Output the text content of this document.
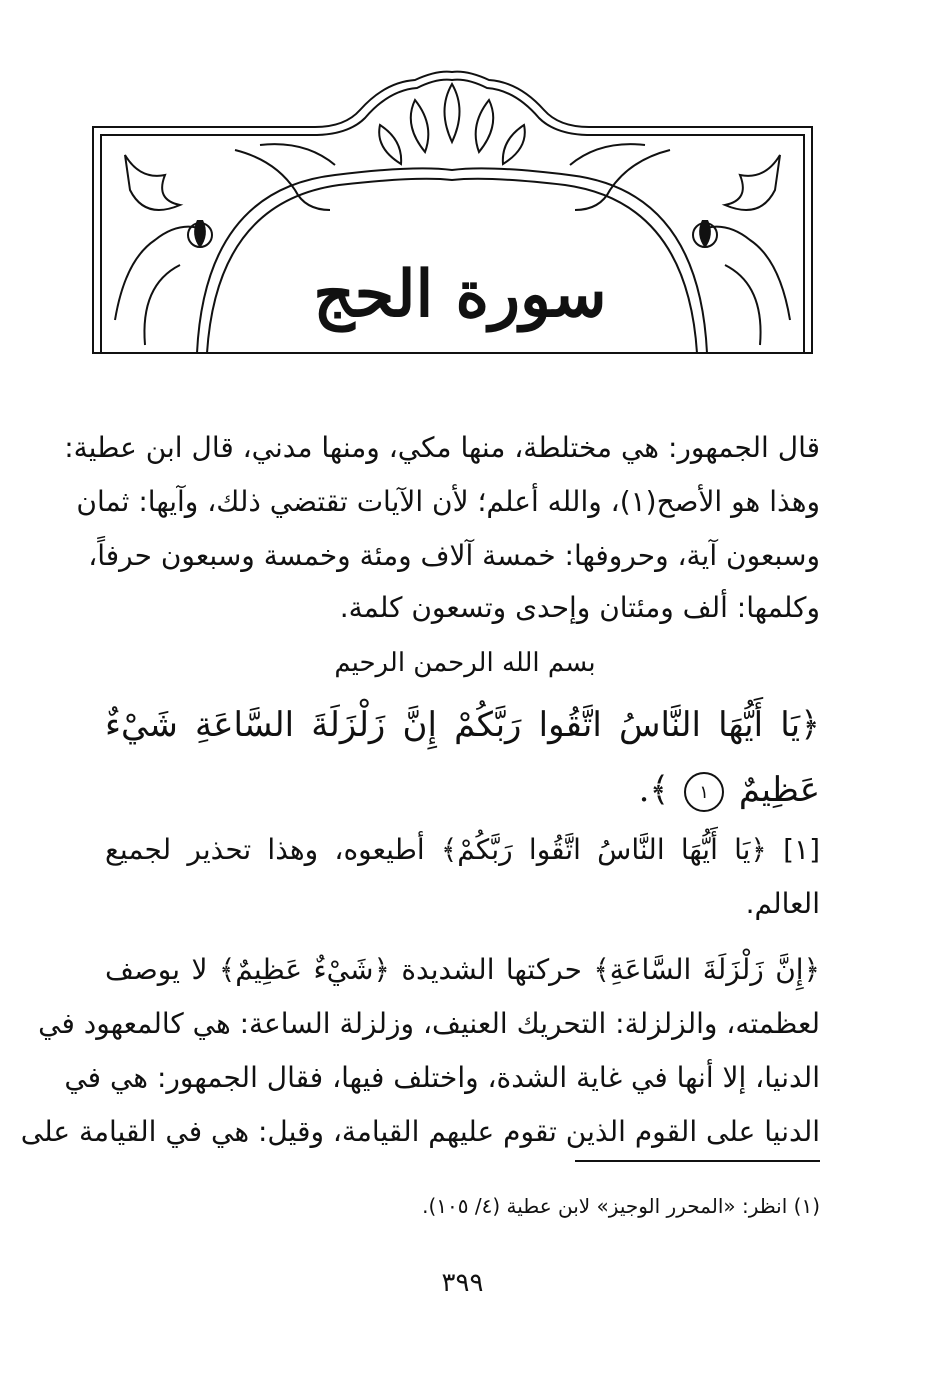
سورة الحج
قال الجمهور: هي مختلطة، منها مكي، ومنها مدني، قال ابن عطية:
وهذا هو الأصح(١)، والله أعلم؛ لأن الآيات تقتضي ذلك، وآيها: ثمان
وسبعون آية، وحروفها: خمسة آلاف ومئة وخمسة وسبعون حرفاً،
وكلمها: ألف ومئتان وإحدى وتسعون كلمة.
بسم الله الرحمن الرحيم
﴿يَا أَيُّهَا النَّاسُ اتَّقُوا رَبَّكُمْ إِنَّ زَلْزَلَةَ السَّاعَةِ شَيْءٌ
عَظِيمٌ ١ ﴾.
[١] ﴿يَا أَيُّهَا النَّاسُ اتَّقُوا رَبَّكُمْ﴾ أطيعوه، وهذا تحذير لجميع
العالم.
﴿إِنَّ زَلْزَلَةَ السَّاعَةِ﴾ حركتها الشديدة ﴿شَيْءٌ عَظِيمٌ﴾ لا يوصف
لعظمته، والزلزلة: التحريك العنيف، وزلزلة الساعة: هي كالمعهود في
الدنيا، إلا أنها في غاية الشدة، واختلف فيها، فقال الجمهور: هي في
الدنيا على القوم الذين تقوم عليهم القيامة، وقيل: هي في القيامة على
(١) انظر: «المحرر الوجيز» لابن عطية (٤/ ١٠٥).
٣٩٩
